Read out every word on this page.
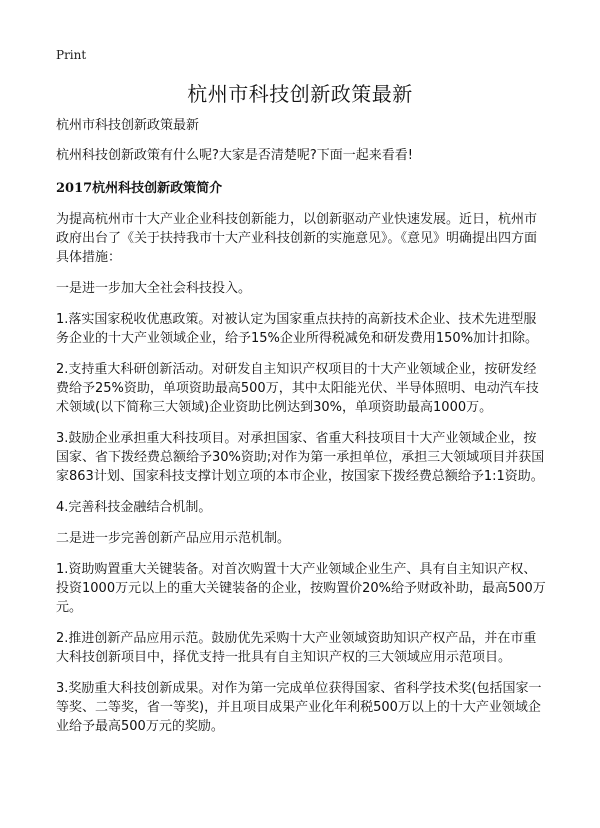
Print
杭州市科技创新政策最新

杭州市科技创新政策最新

杭州科技创新政策有什么呢?大家是否清楚呢?下面一起来看看!

2017杭州科技创新政策简介

为提高杭州市十大产业企业科技创新能力，以创新驱动产业快速发展。近日，杭州市政府出台了《关于扶持我市十大产业科技创新的实施意见》。《意见》明确提出四方面具体措施：

一是进一步加大全社会科技投入。

1.落实国家税收优惠政策。对被认定为国家重点扶持的高新技术企业、技术先进型服务企业的十大产业领域企业，给予15%企业所得税减免和研发费用150%加计扣除。

2.支持重大科研创新活动。对研发自主知识产权项目的十大产业领域企业，按研发经费给予25%资助，单项资助最高500万，其中太阳能光伏、半导体照明、电动汽车技术领域(以下简称三大领域)企业资助比例达到30%，单项资助最高1000万。

3.鼓励企业承担重大科技项目。对承担国家、省重大科技项目十大产业领域企业，按国家、省下拨经费总额给予30%资助;对作为第一承担单位，承担三大领域项目并获国家863计划、国家科技支撑计划立项的本市企业，按国家下拨经费总额给予1:1资助。

4.完善科技金融结合机制。

二是进一步完善创新产品应用示范机制。

1.资助购置重大关键装备。对首次购置十大产业领域企业生产、具有自主知识产权、投资1000万元以上的重大关键装备的企业，按购置价20%给予财政补助，最高500万元。

2.推进创新产品应用示范。鼓励优先采购十大产业领域资助知识产权产品，并在市重大科技创新项目中，择优支持一批具有自主知识产权的三大领域应用示范项目。

3.奖励重大科技创新成果。对作为第一完成单位获得国家、省科学技术奖(包括国家一等奖、二等奖，省一等奖)，并且项目成果产业化年利税500万以上的十大产业领域企业给予最高500万元的奖励。
